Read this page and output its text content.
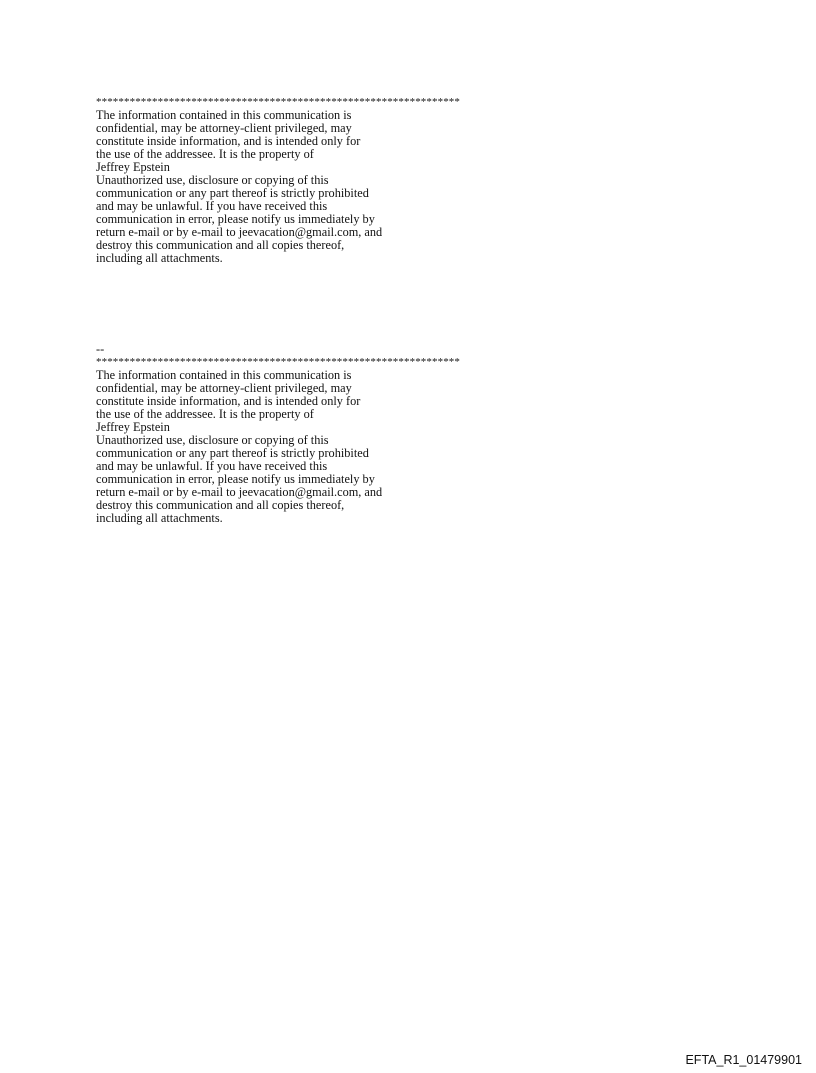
*****************************************************************
The information contained in this communication is
confidential, may be attorney-client privileged, may
constitute inside information, and is intended only for
the use of the addressee. It is the property of
Jeffrey Epstein
Unauthorized use, disclosure or copying of this
communication or any part thereof is strictly prohibited
and may be unlawful. If you have received this
communication in error, please notify us immediately by
return e-mail or by e-mail to jeevacation@gmail.com, and
destroy this communication and all copies thereof,
including all attachments.
--
*****************************************************************
The information contained in this communication is
confidential, may be attorney-client privileged, may
constitute inside information, and is intended only for
the use of the addressee. It is the property of
Jeffrey Epstein
Unauthorized use, disclosure or copying of this
communication or any part thereof is strictly prohibited
and may be unlawful. If you have received this
communication in error, please notify us immediately by
return e-mail or by e-mail to jeevacation@gmail.com, and
destroy this communication and all copies thereof,
including all attachments.
EFTA_R1_01479901
